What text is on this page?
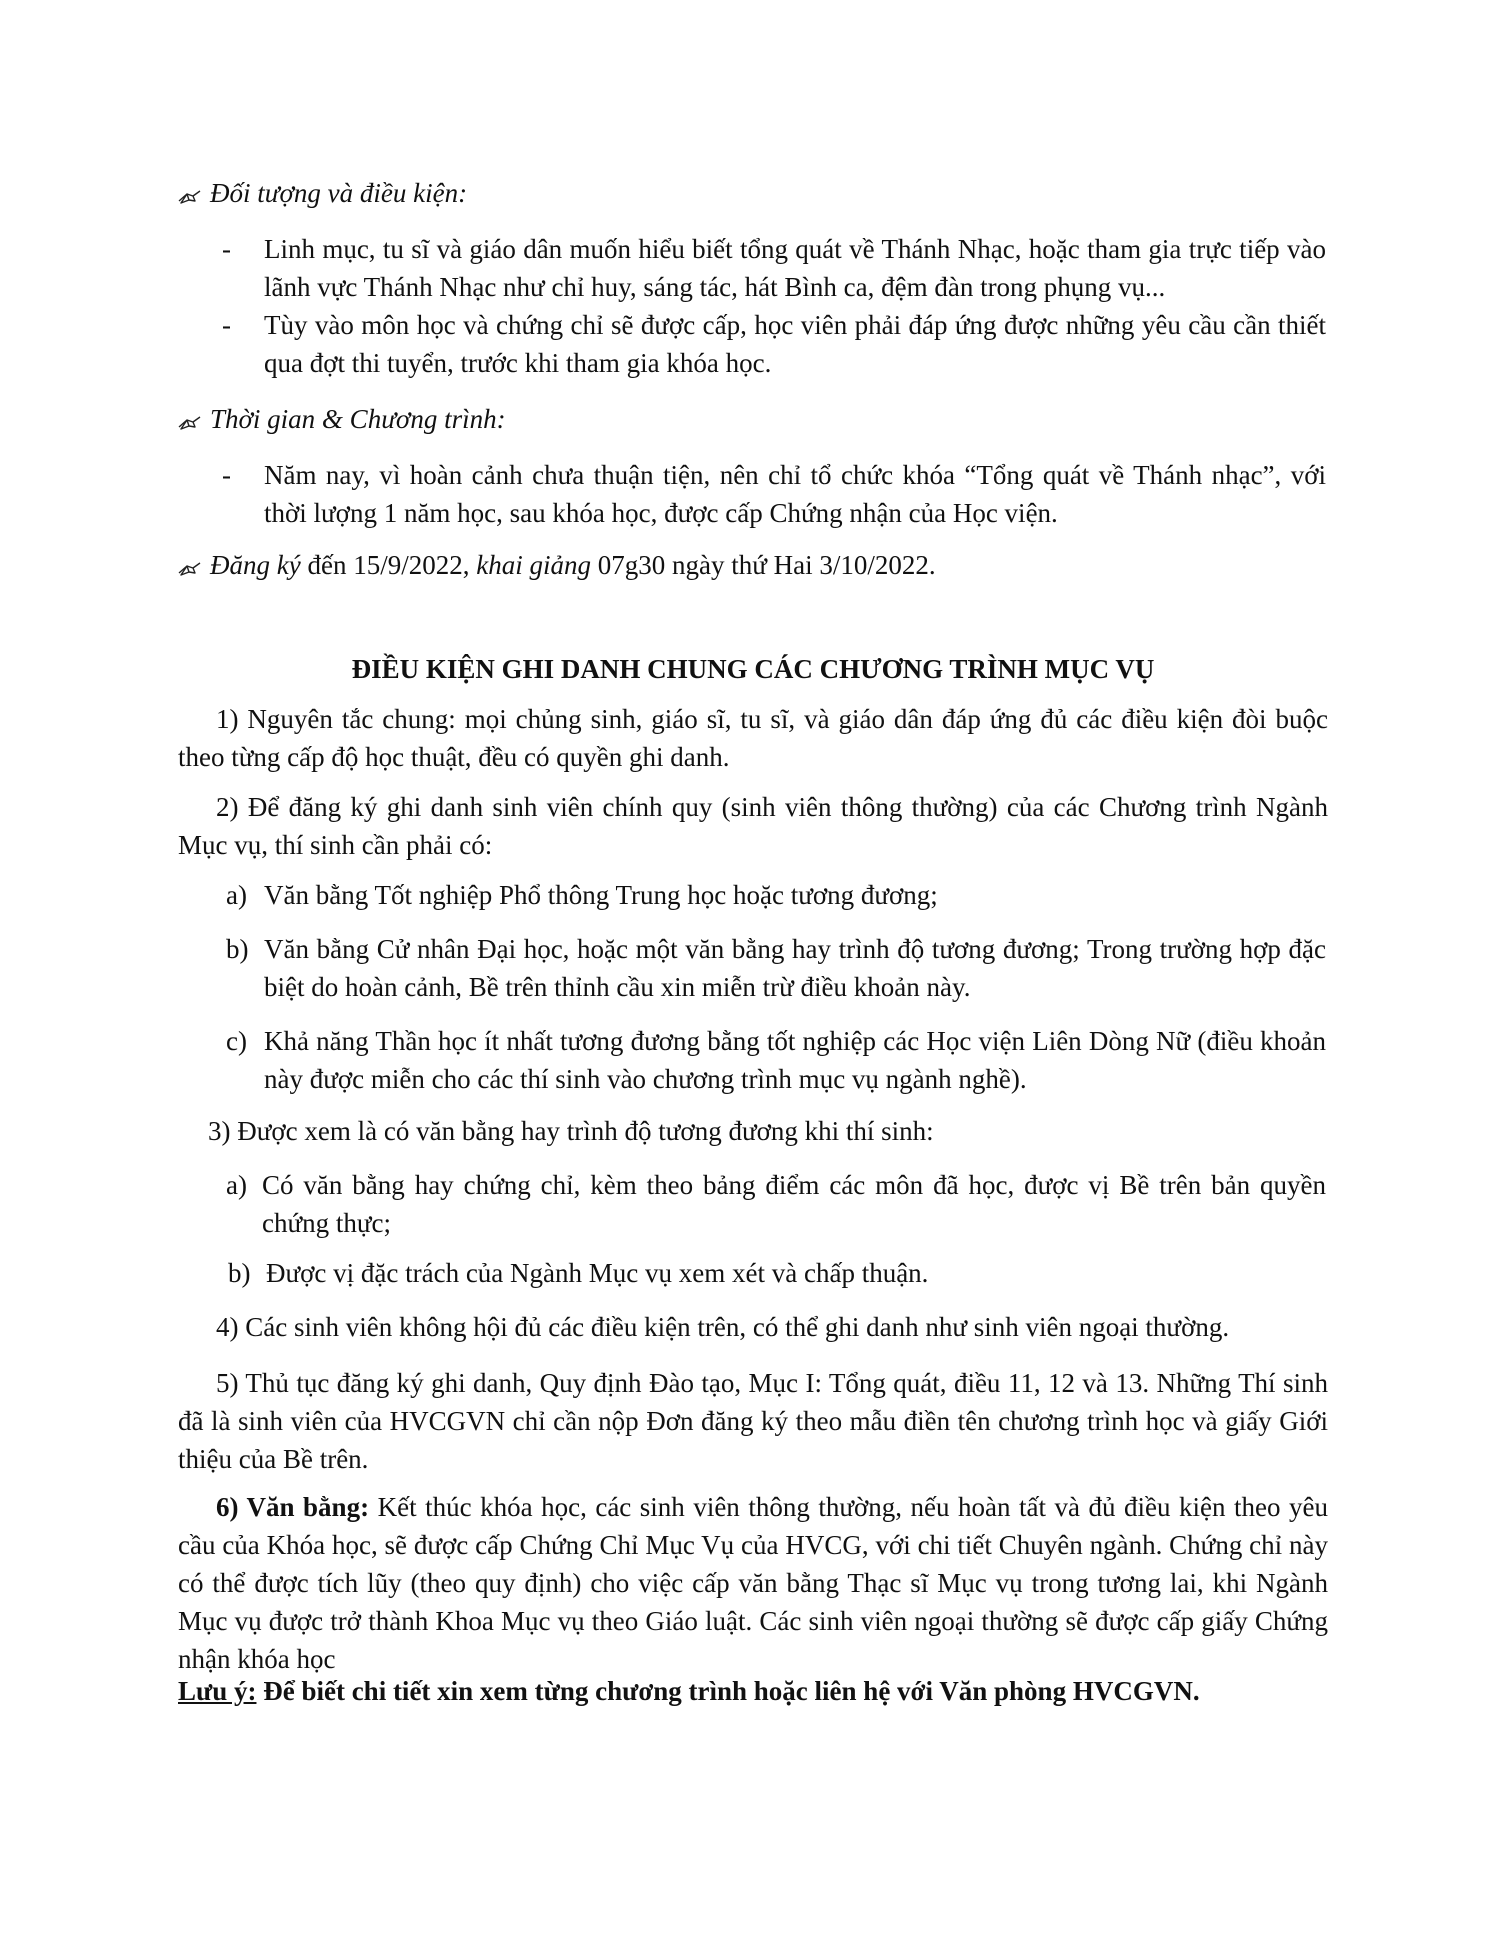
Đối tượng và điều kiện:

- Linh mục, tu sĩ và giáo dân muốn hiểu biết tổng quát về Thánh Nhạc, hoặc tham gia trực tiếp vào lãnh vực Thánh Nhạc như chỉ huy, sáng tác, hát Bình ca, đệm đàn trong phụng vụ...

- Tùy vào môn học và chứng chỉ sẽ được cấp, học viên phải đáp ứng được những yêu cầu cần thiết qua đợt thi tuyển, trước khi tham gia khóa học.

Thời gian & Chương trình:

- Năm nay, vì hoàn cảnh chưa thuận tiện, nên chỉ tổ chức khóa “Tổng quát về Thánh nhạc”, với thời lượng 1 năm học, sau khóa học, được cấp Chứng nhận của Học viện.

Đăng ký đến 15/9/2022, khai giảng 07g30 ngày thứ Hai 3/10/2022.

ĐIỀU KIỆN GHI DANH CHUNG CÁC CHƯƠNG TRÌNH MỤC VỤ

1) Nguyên tắc chung: mọi chủng sinh, giáo sĩ, tu sĩ, và giáo dân đáp ứng đủ các điều kiện đòi buộc theo từng cấp độ học thuật, đều có quyền ghi danh.

2) Để đăng ký ghi danh sinh viên chính quy (sinh viên thông thường) của các Chương trình Ngành Mục vụ, thí sinh cần phải có:

a) Văn bằng Tốt nghiệp Phổ thông Trung học hoặc tương đương;

b) Văn bằng Cử nhân Đại học, hoặc một văn bằng hay trình độ tương đương; Trong trường hợp đặc biệt do hoàn cảnh, Bề trên thỉnh cầu xin miễn trừ điều khoản này.

c) Khả năng Thần học ít nhất tương đương bằng tốt nghiệp các Học viện Liên Dòng Nữ (điều khoản này được miễn cho các thí sinh vào chương trình mục vụ ngành nghề).

3) Được xem là có văn bằng hay trình độ tương đương khi thí sinh:

a) Có văn bằng hay chứng chỉ, kèm theo bảng điểm các môn đã học, được vị Bề trên bản quyền chứng thực;

b) Được vị đặc trách của Ngành Mục vụ xem xét và chấp thuận.

4) Các sinh viên không hội đủ các điều kiện trên, có thể ghi danh như sinh viên ngoại thường.

5) Thủ tục đăng ký ghi danh, Quy định Đào tạo, Mục I: Tổng quát, điều 11, 12 và 13. Những Thí sinh đã là sinh viên của HVCGVN chỉ cần nộp Đơn đăng ký theo mẫu điền tên chương trình học và giấy Giới thiệu của Bề trên.

6) Văn bằng: Kết thúc khóa học, các sinh viên thông thường, nếu hoàn tất và đủ điều kiện theo yêu cầu của Khóa học, sẽ được cấp Chứng Chỉ Mục Vụ của HVCG, với chi tiết Chuyên ngành. Chứng chỉ này có thể được tích lũy (theo quy định) cho việc cấp văn bằng Thạc sĩ Mục vụ trong tương lai, khi Ngành Mục vụ được trở thành Khoa Mục vụ theo Giáo luật. Các sinh viên ngoại thường sẽ được cấp giấy Chứng nhận khóa học

Lưu ý: Để biết chi tiết xin xem từng chương trình hoặc liên hệ với Văn phòng HVCGVN.
